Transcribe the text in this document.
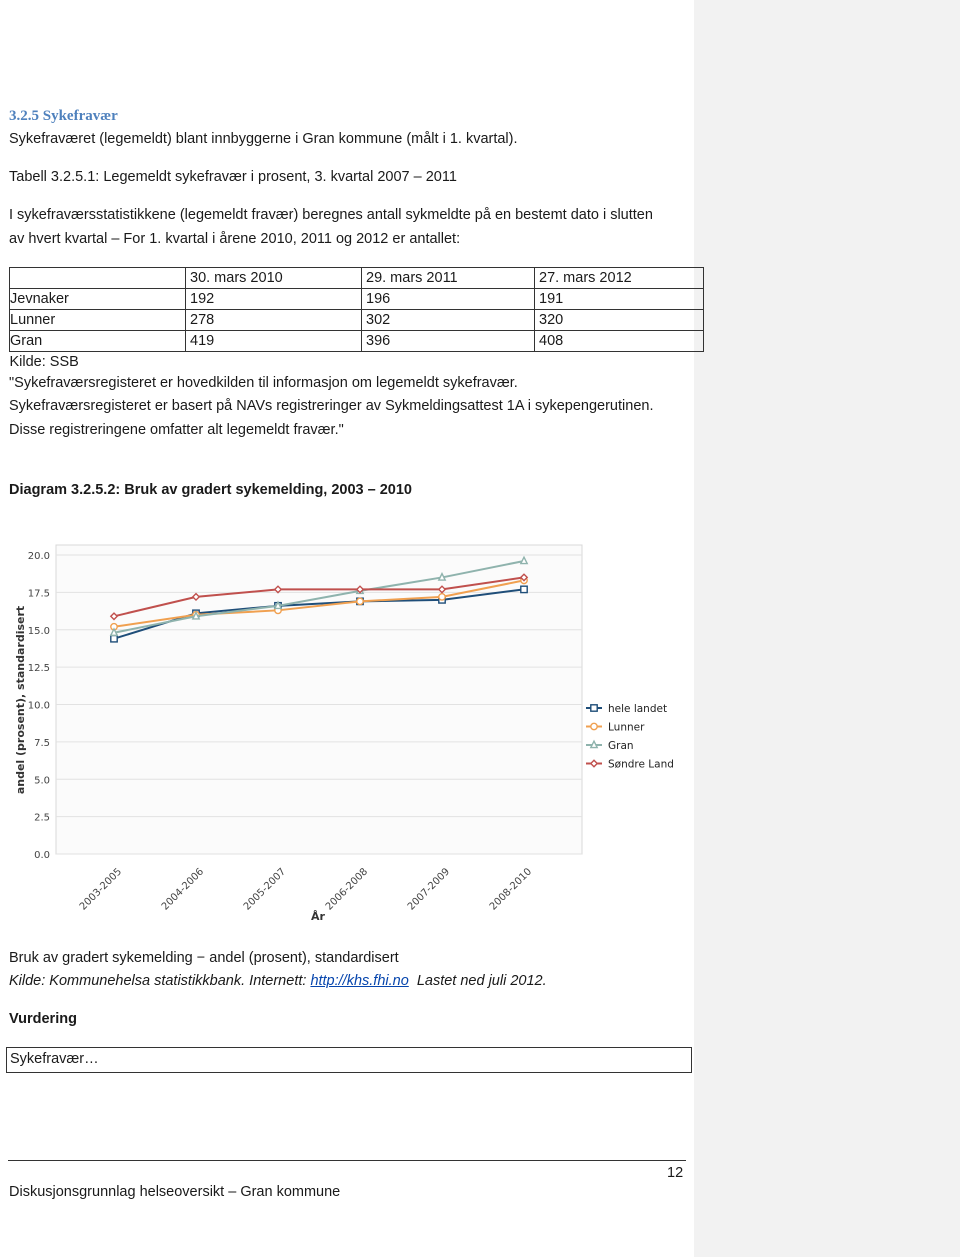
3.2.5 Sykefravær
Sykefraværet (legemeldt) blant innbyggerne i Gran kommune (målt i 1. kvartal).
Tabell 3.2.5.1: Legemeldt sykefravær i prosent, 3. kvartal 2007 – 2011
I sykefraværsstatistikkene (legemeldt fravær) beregnes antall sykmeldte på en bestemt dato i slutten
av hvert kvartal – For 1. kvartal i årene 2010, 2011 og 2012 er antallet:
	30. mars 2010	29. mars 2011	27. mars 2012
Jevnaker	192	196	191
Lunner	278	302	320
Gran	419	396	408
Kilde: SSB			
"Sykefraværsregisteret er hovedkilden til informasjon om legemeldt sykefravær.
Sykefraværsregisteret er basert på NAVs registreringer av Sykmeldingsattest 1A i sykepengerutinen.
Disse registreringene omfatter alt legemeldt fravær."
Diagram 3.2.5.2: Bruk av gradert sykemelding, 2003 – 2010
0.0
2.5
5.0
7.5
10.0
12.5
15.0
17.5
20.0
2003-2005	2004-2006	2005-2007	2006-2008	2007-2009	2008-2010
hele landet
Lunner
Gran
Søndre Land
andel (prosent), standardisert
År
Bruk av gradert sykemelding − andel (prosent), standardisert
Kilde: Kommunehelsa statistikkbank. Internett: http://khs.fhi.no  Lastet ned juli 2012.
Vurdering
Sykefravær…
12
Diskusjonsgrunnlag helseoversikt – Gran kommune
